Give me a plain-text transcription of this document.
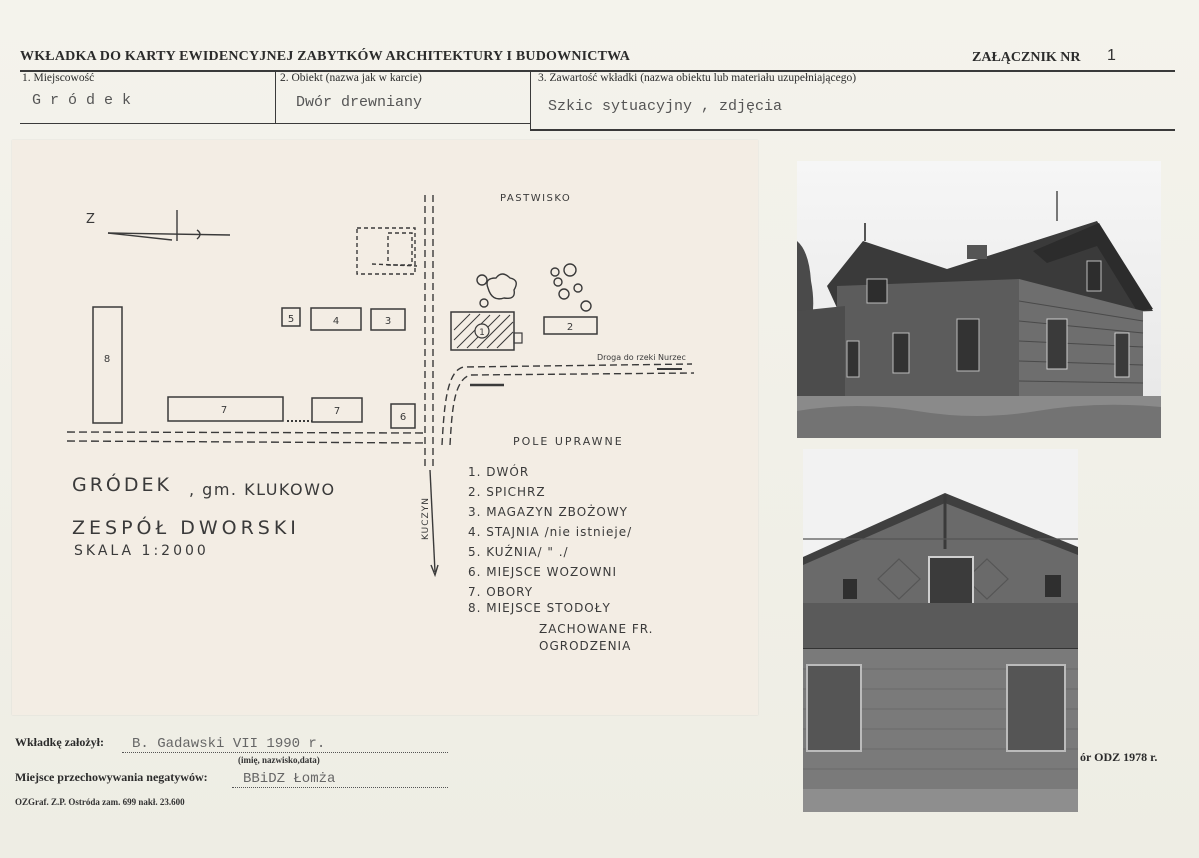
WKŁADKA DO KARTY EWIDENCYJNEJ ZABYTKÓW ARCHITEKTURY I BUDOWNICTWA	ZAŁĄCZNIK NR 1
1. Miejscowość
G r ó d e k
2. Obiekt (nazwa jak w karcie)
Dwór drewniany
3. Zawartość wkładki (nazwa obiektu lub materiału uzupełniającego)
Szkic sytuacyjny , zdjęcia
8
7	7
6
5	4	3
2
1
Z
PASTWISKO
POLE UPRAWNE
Droga do rzeki Nurzec
KUCZYN
GRÓDEK , gm. KLUKOWO
ZESPÓŁ DWORSKI
SKALA 1:2000
1. DWÓR
2. SPICHRZ
3. MAGAZYN ZBOŻOWY
4. STAJNIA /nie istnieje/
5. KUŹNIA/ " ./
6. MIEJSCE WOZOWNI
7. OBORY
8. MIEJSCE STODOŁY
ZACHOWANE FR.
OGRODZENIA
Wkładkę założył: B. Gadawski VII 1990 r.
(imię, nazwisko,data)
Miejsce przechowywania negatywów:	BBiDZ Łomża
OZGraf. Z.P. Ostróda zam. 699 nakł. 23.600
ór ODZ 1978 r.
